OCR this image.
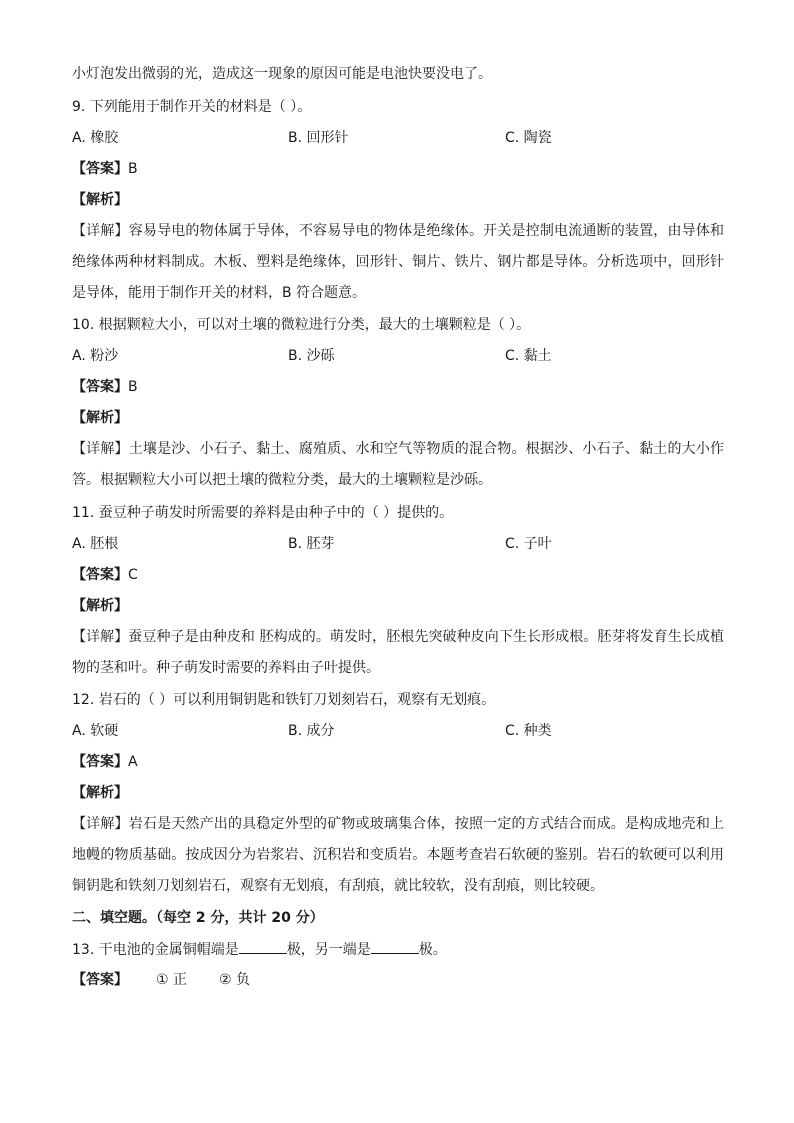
小灯泡发出微弱的光，造成这一现象的原因可能是电池快要没电了。
9. 下列能用于制作开关的材料是（ ）。
A. 橡胶	B. 回形针	C. 陶瓷
【答案】B
【解析】
【详解】容易导电的物体属于导体，不容易导电的物体是绝缘体。开关是控制电流通断的装置，由导体和绝缘体两种材料制成。木板、塑料是绝缘体，回形针、铜片、铁片、钢片都是导体。分析选项中，回形针是导体，能用于制作开关的材料，B 符合题意。
10. 根据颗粒大小，可以对土壤的微粒进行分类，最大的土壤颗粒是（ ）。
A. 粉沙	B. 沙砾	C. 黏土
【答案】B
【解析】
【详解】土壤是沙、小石子、黏土、腐殖质、水和空气等物质的混合物。根据沙、小石子、黏土的大小作答。根据颗粒大小可以把土壤的微粒分类，最大的土壤颗粒是沙砾。
11. 蚕豆种子萌发时所需要的养料是由种子中的（ ）提供的。
A. 胚根	B. 胚芽	C. 子叶
【答案】C
【解析】
【详解】蚕豆种子是由种皮和 胚构成的。萌发时，胚根先突破种皮向下生长形成根。胚芽将发育生长成植物的茎和叶。种子萌发时需要的养料由子叶提供。
12. 岩石的（ ）可以利用铜钥匙和铁钉刀划刻岩石，观察有无划痕。
A. 软硬	B. 成分	C. 种类
【答案】A
【解析】
【详解】岩石是天然产出的具稳定外型的矿物或玻璃集合体，按照一定的方式结合而成。是构成地壳和上地幔的物质基础。按成因分为岩浆岩、沉积岩和变质岩。本题考查岩石软硬的鉴别。岩石的软硬可以利用铜钥匙和铁刻刀划刻岩石，观察有无划痕，有刮痕，就比较软，没有刮痕，则比较硬。
二、填空题。（每空 2 分，共计 20 分）
13. 干电池的金属铜帽端是	极，另一端是	极。
【答案】 ① 正 ② 负
